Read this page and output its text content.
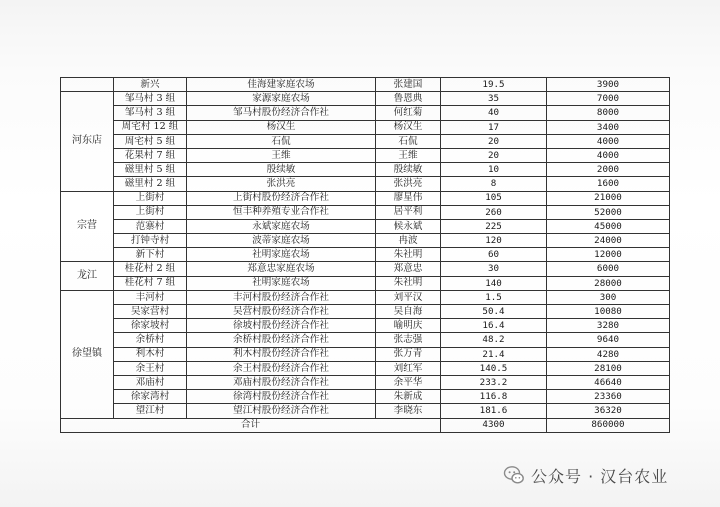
	新兴	佳海建家庭农场	张建国	19.5	3900
河东店	邹马村 3 组	家源家庭农场	鲁恩典	35	7000
	邹马村 3 组	邹马村股份经济合作社	何红菊	40	8000
	周宅村 12 组	杨汉生	杨汉生	17	3400
	周宅村 5 组	石侃	石侃	20	4000
	花果村 7 组	王维	王维	20	4000
	磁里村 5 组	殷续敏	殷续敏	10	2000
	磁里村 2 组	张洪亮	张洪亮	8	1600
宗营	上街村	上街村股份经济合作社	廖星伟	105	21000
	上街村	恒丰种养殖专业合作社	居平利	260	52000
	范寨村	永斌家庭农场	候永斌	225	45000
	打钟寺村	波蒂家庭农场	冉波	120	24000
	新下村	社明家庭农场	朱社明	60	12000
龙江	桂花村 2 组	郑意忠家庭农场	郑意忠	30	6000
	桂花村 7 组	社明家庭农场	朱社明	140	28000
徐望镇	丰河村	丰河村股份经济合作社	刘平汉	1.5	300
	吴家营村	吴营村股份经济合作社	吴自海	50.4	10080
	徐家坡村	徐坡村股份经济合作社	喻明庆	16.4	3280
	余桥村	余桥村股份经济合作社	张志强	48.2	9640
	利木村	利木村股份经济合作社	张万青	21.4	4280
	余王村	余王村股份经济合作社	刘红军	140.5	28100
	邓庙村	邓庙村股份经济合作社	余平华	233.2	46640
	徐家湾村	徐湾村股份经济合作社	朱新成	116.8	23360
	望江村	望江村股份经济合作社	李晓东	181.6	36320
合计				4300	860000
公众号 · 汉台农业
